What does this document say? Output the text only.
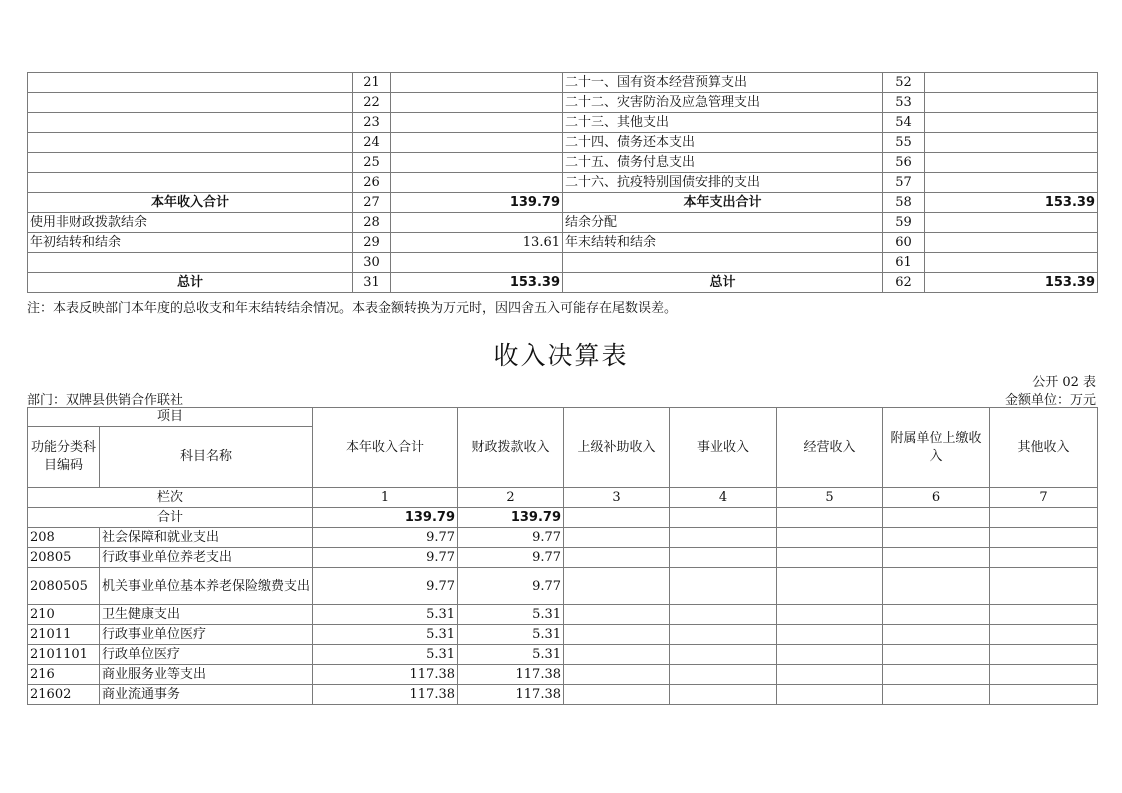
	21		二十一、国有资本经营预算支出	52	
	22		二十二、灾害防治及应急管理支出	53	
	23		二十三、其他支出	54	
	24		二十四、债务还本支出	55	
	25		二十五、债务付息支出	56	
	26		二十六、抗疫特别国债安排的支出	57	
本年收入合计	27	139.79	本年支出合计	58	153.39
使用非财政拨款结余	28		结余分配	59	
年初结转和结余	29	13.61	年末结转和结余	60	
	30			61	
总计	31	153.39	总计	62	153.39
注：本表反映部门本年度的总收支和年末结转结余情况。本表金额转换为万元时，因四舍五入可能存在尾数误差。
收入决算表
公开 02 表
部门：双牌县供销合作联社	金额单位：万元
项目		本年收入合计	财政拨款收入	上级补助收入	事业收入	经营收入	附属单位上缴收入	其他收入
功能分类科目编码	科目名称							
栏次		1	2	3	4	5	6	7
合计		139.79	139.79					
208	社会保障和就业支出	9.77	9.77					
20805	行政事业单位养老支出	9.77	9.77					
2080505	机关事业单位基本养老保险缴费支出	9.77	9.77					
210	卫生健康支出	5.31	5.31					
21011	行政事业单位医疗	5.31	5.31					
2101101	行政单位医疗	5.31	5.31					
216	商业服务业等支出	117.38	117.38					
21602	商业流通事务	117.38	117.38					
